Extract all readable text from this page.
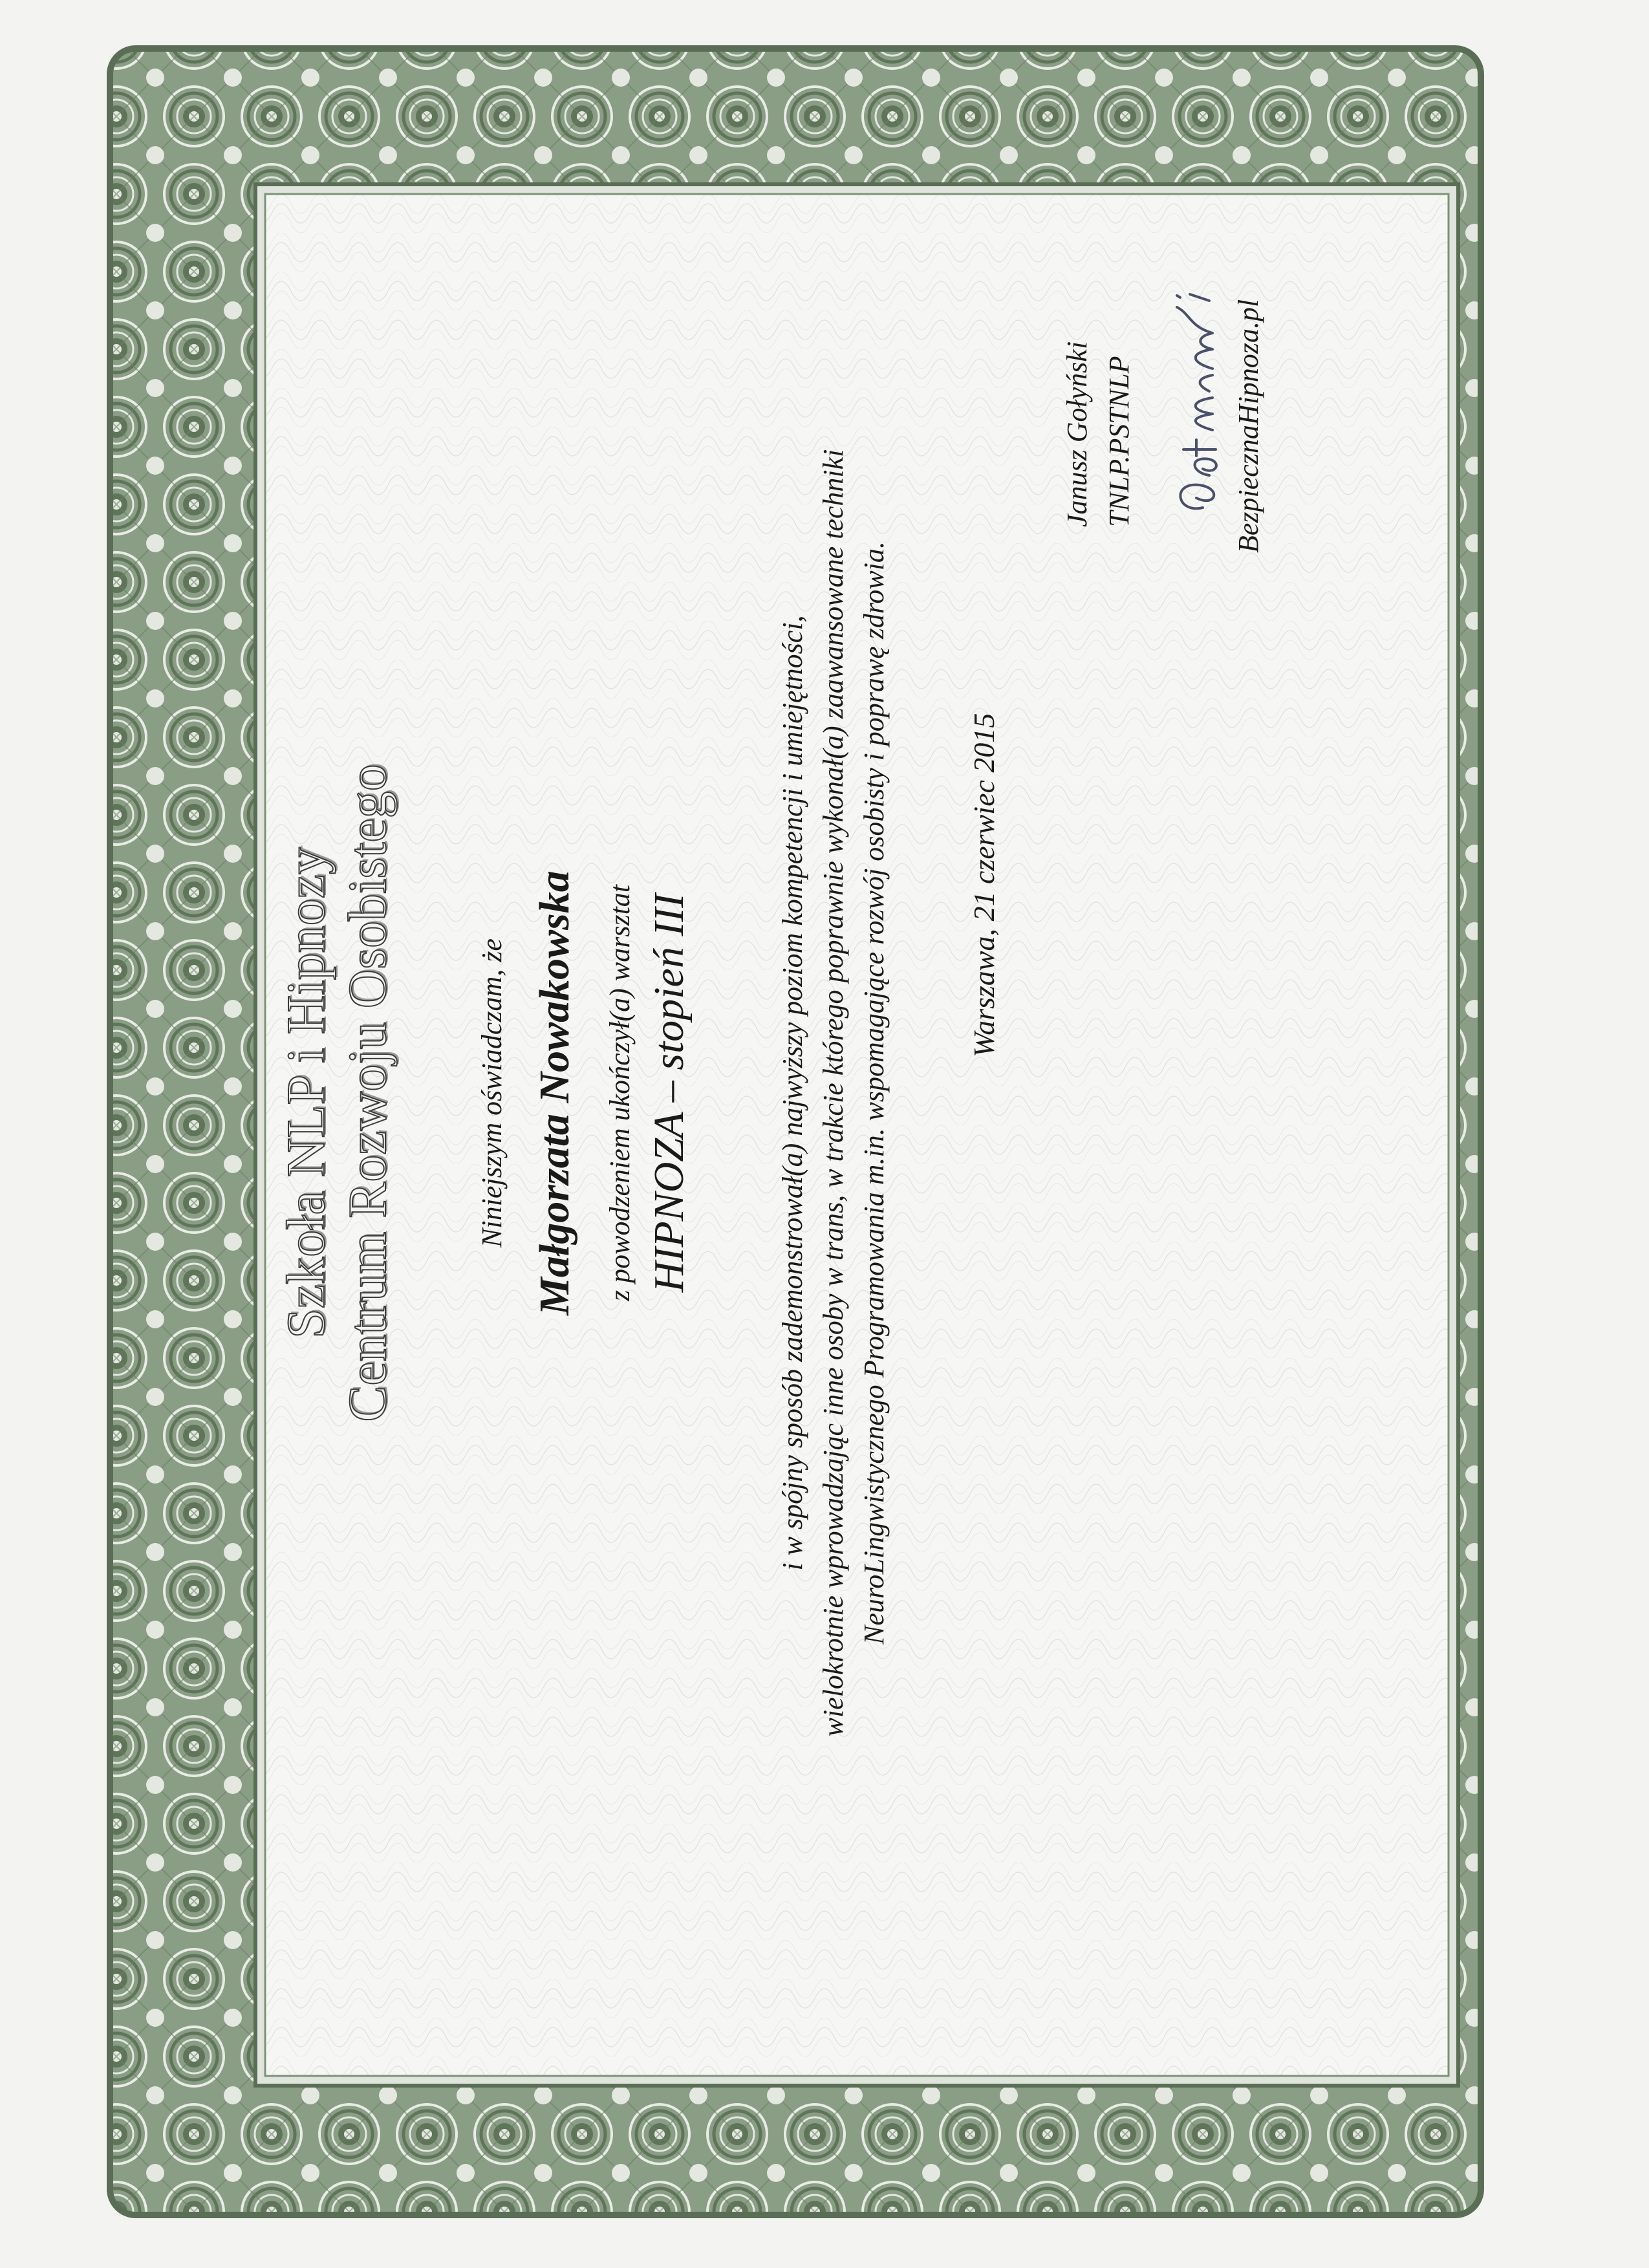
Szkoła NLP i Hipnozy Centrum Rozwoju Osobistego	Niniejszym oświadczam, że Małgorzata Nowakowska z powodzeniem ukończył(a) warsztat HIPNOZA – stopień III	i w spójny sposób zademonstrował(a) najwyższy poziom kompetencji i umiejętności, wielokrotnie wprowadzając inne osoby w trans, w trakcie którego poprawnie wykonał(a) zaawansowane techniki NeuroLingwistycznego Programowania m.in. wspomagające rozwój osobisty i poprawę zdrowia.	Warszawa, 21 czerwiec 2015
Janusz Gołyński TNLP.PSTNLP	BezpiecznaHipnoza.pl
